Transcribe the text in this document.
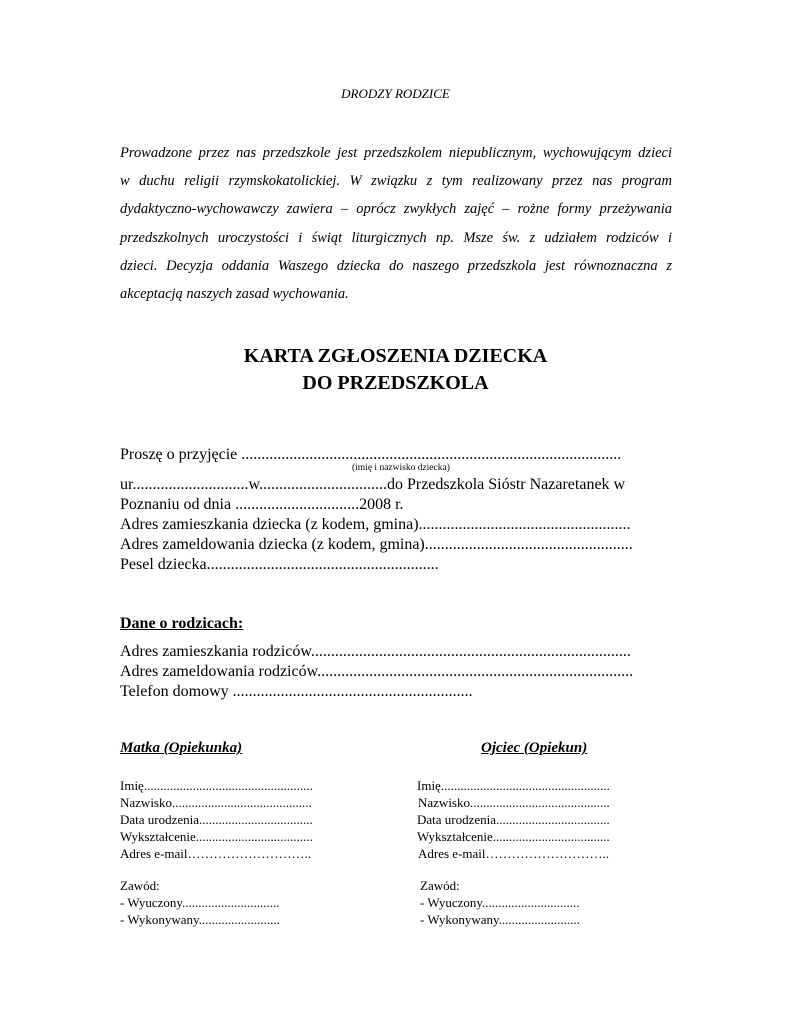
DRODZY RODZICE
Prowadzone przez nas przedszkole jest przedszkolem niepublicznym, wychowującym dzieci
w duchu religii rzymskokatolickiej. W związku z tym realizowany przez nas program
dydaktyczno-wychowawczy zawiera – oprócz zwykłych zajęć – rożne formy przeżywania
przedszkolnych uroczystości i świąt liturgicznych np. Msze św. z udziałem rodziców i
dzieci. Decyzja oddania Waszego dziecka do naszego przedszkola jest równoznaczna z
akceptacją naszych zasad wychowania.
KARTA ZGŁOSZENIA DZIECKA
DO PRZEDSZKOLA
Proszę o przyjęcie ...............................................................................................
(imię i nazwisko dziecka)
ur.............................w................................do Przedszkola Sióstr Nazaretanek w
Poznaniu od dnia ...............................2008 r.
Adres zamieszkania dziecka (z kodem, gmina).....................................................
Adres zameldowania dziecka (z kodem, gmina)....................................................
Pesel dziecka..........................................................
Dane o rodzicach:
Adres zamieszkania rodziców................................................................................
Adres zameldowania rodziców...............................................................................
Telefon domowy ............................................................
Matka (Opiekunka)
Imię....................................................
Nazwisko...........................................
Data urodzenia...................................
Wykształcenie....................................
Adres e-mail………………………..
Zawód:
- Wyuczony..............................
- Wykonywany.........................
Ojciec (Opiekun)
Imię....................................................
Nazwisko...........................................
Data urodzenia...................................
Wykształcenie....................................
Adres e-mail………………………..
Zawód:
- Wyuczony..............................
- Wykonywany.........................
